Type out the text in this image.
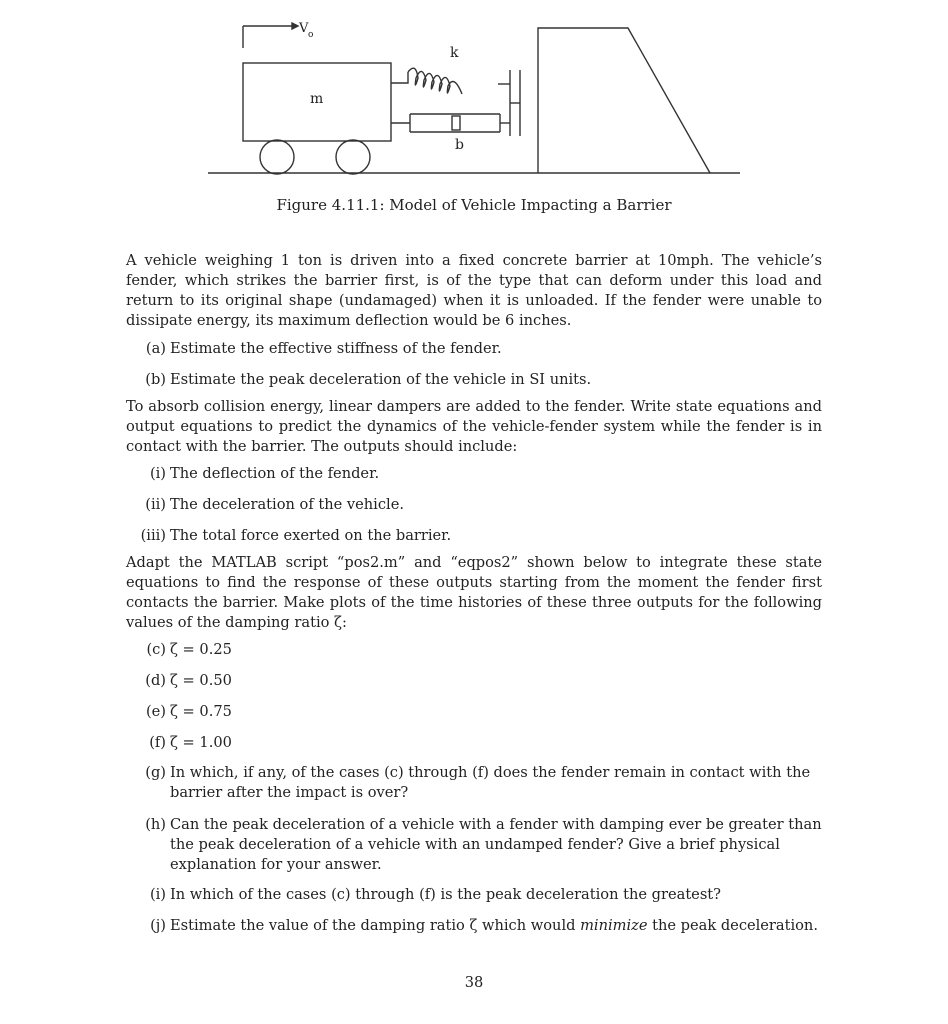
V o
m
k
b
Figure 4.11.1: Model of Vehicle Impacting a Barrier
A vehicle weighing 1 ton is driven into a fixed concrete barrier at 10mph. The vehicle’s fender, which strikes the barrier first, is of the type that can deform under this load and return to its original shape (undamaged) when it is unloaded. If the fender were unable to dissipate energy, its maximum deflection would be 6 inches.
(a) Estimate the effective stiffness of the fender.
(b) Estimate the peak deceleration of the vehicle in SI units.
To absorb collision energy, linear dampers are added to the fender. Write state equations and output equations to predict the dynamics of the vehicle-fender system while the fender is in contact with the barrier. The outputs should include:
(i) The deflection of the fender.
(ii) The deceleration of the vehicle.
(iii) The total force exerted on the barrier.
Adapt the MATLAB script “pos2.m” and “eqpos2” shown below to integrate these state equations to find the response of these outputs starting from the moment the fender first contacts the barrier. Make plots of the time histories of these three outputs for the following values of the damping ratio ζ:
(c) ζ = 0.25
(d) ζ = 0.50
(e) ζ = 0.75
(f) ζ = 1.00
(g) In which, if any, of the cases (c) through (f) does the fender remain in contact with the barrier after the impact is over?
(h) Can the peak deceleration of a vehicle with a fender with damping ever be greater than the peak deceleration of a vehicle with an undamped fender? Give a brief physical explanation for your answer.
(i) In which of the cases (c) through (f) is the peak deceleration the greatest?
(j) Estimate the value of the damping ratio ζ which would minimize the peak deceleration.
38
